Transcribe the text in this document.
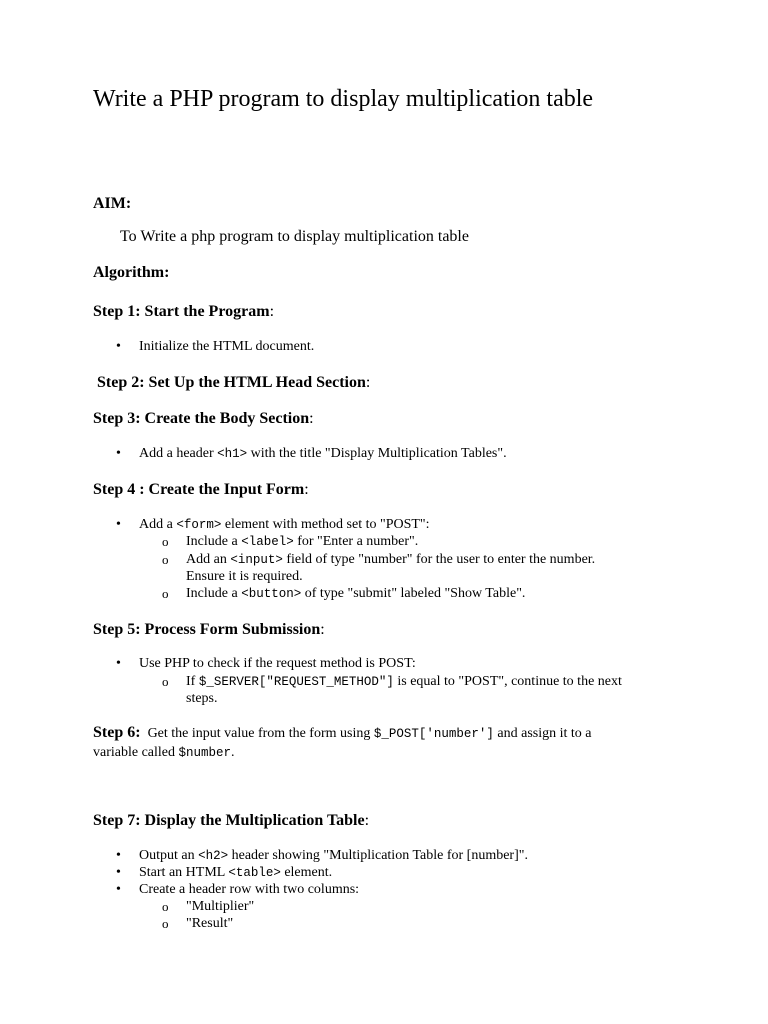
Write a PHP program to display multiplication table
AIM:
To Write a php program to display multiplication table
Algorithm:
Step 1: Start the Program:
• Initialize the HTML document.
Step 2: Set Up the HTML Head Section:
Step 3: Create the Body Section:
• Add a header <h1> with the title "Display Multiplication Tables".
Step 4 : Create the Input Form:
• Add a <form> element with method set to "POST":
o Include a <label> for "Enter a number".
o Add an <input> field of type "number" for the user to enter the number.
Ensure it is required.
o Include a <button> of type "submit" labeled "Show Table".
Step 5: Process Form Submission:
• Use PHP to check if the request method is POST:
o If $_SERVER["REQUEST_METHOD"] is equal to "POST", continue to the next
steps.
Step 6:  Get the input value from the form using $_POST['number'] and assign it to a
variable called $number.
Step 7: Display the Multiplication Table:
• Output an <h2> header showing "Multiplication Table for [number]".
• Start an HTML <table> element.
• Create a header row with two columns:
o "Multiplier"
o "Result"
